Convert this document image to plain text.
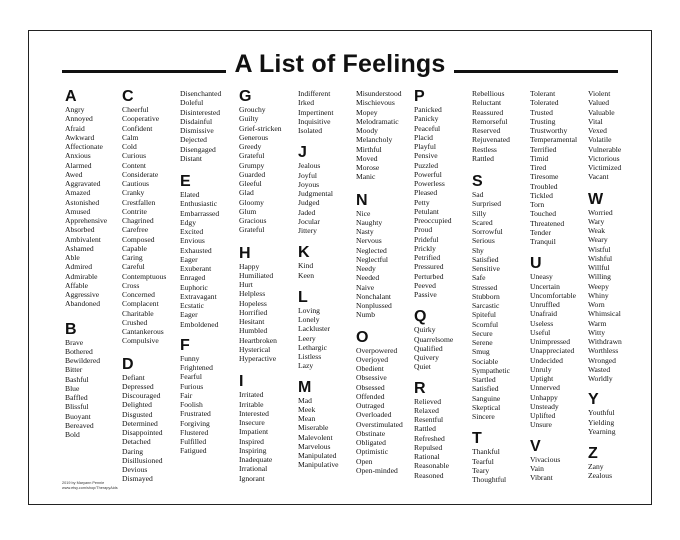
A List of Feelings
A
Angry
Annoyed
Afraid
Awkward
Affectionate
Anxious
Alarmed
Awed
Aggravated
Amazed
Astonished
Amused
Apprehensive
Absorbed
Ambivalent
Ashamed
Able
Admired
Admirable
Affable
Aggressive
Abandoned
B
Brave
Bothered
Bewildered
Bitter
Bashful
Blue
Baffled
Blissful
Buoyant
Bereaved
Bold
C
Cheerful
Cooperative
Confident
Calm
Cold
Curious
Content
Considerate
Cautious
Cranky
Crestfallen
Contrite
Chagrined
Carefree
Composed
Capable
Caring
Careful
Contemptuous
Cross
Concerned
Complacent
Charitable
Crushed
Cantankerous
Compulsive
D
Defiant
Depressed
Discouraged
Delighted
Disgusted
Determined
Disappointed
Detached
Daring
Disillusioned
Devious
Dismayed
Disenchanted
Doleful
Disinterested
Disdainful
Dismissive
Dejected
Disengaged
Distant
E
Elated
Enthusiastic
Embarrassed
Edgy
Excited
Envious
Exhausted
Eager
Exuberant
Enraged
Euphoric
Extravagant
Ecstatic
Eager
Emboldened
F
Funny
Frightened
Fearful
Furious
Fair
Foolish
Frustrated
Forgiving
Flustered
Fulfilled
Fatigued
G
Grouchy
Guilty
Grief-stricken
Generous
Greedy
Grateful
Grumpy
Guarded
Gleeful
Glad
Gloomy
Glum
Gracious
Grateful
H
Happy
Humiliated
Hurt
Helpless
Hopeless
Horrified
Hesitant
Humbled
Heartbroken
Hysterical
Hyperactive
I
Irritated
Irritable
Interested
Insecure
Impatient
Inspired
Inspiring
Inadequate
Irrational
Ignorant
Indifferent
Irked
Impertinent
Inquisitive
Isolated
J
Jealous
Joyful
Joyous
Judgmental
Judged
Jaded
Jocular
Jittery
K
Kind
Keen
L
Loving
Lonely
Lackluster
Leery
Lethargic
Listless
Lazy
M
Mad
Meek
Mean
Miserable
Malevolent
Marvelous
Manipulated
Manipulative
Misunderstood
Mischievous
Mopey
Melodramatic
Moody
Melancholy
Mirthful
Moved
Morose
Manic
N
Nice
Naughty
Nasty
Nervous
Neglected
Neglectful
Needy
Needed
Naive
Nonchalant
Nonplussed
Numb
O
Overpowered
Overjoyed
Obedient
Obsessive
Obsessed
Offended
Outraged
Overloaded
Overstimulated
Obstinate
Obligated
Optimistic
Open
Open-minded
P
Panicked
Panicky
Peaceful
Placid
Playful
Pensive
Puzzled
Powerful
Powerless
Pleased
Petty
Petulant
Preoccupied
Proud
Prideful
Prickly
Petrified
Pressured
Perturbed
Peeved
Passive
Q
Quirky
Quarrelsome
Qualified
Quivery
Quiet
R
Relieved
Relaxed
Resentful
Rattled
Refreshed
Repulsed
Rational
Reasonable
Reasoned
Rebellious
Reluctant
Reassured
Remorseful
Reserved
Rejuvenated
Restless
Rattled
S
Sad
Surprised
Silly
Scared
Sorrowful
Serious
Shy
Satisfied
Sensitive
Safe
Stressed
Stubborn
Sarcastic
Spiteful
Scornful
Secure
Serene
Smug
Sociable
Sympathetic
Startled
Satisfied
Sanguine
Skeptical
Sincere
T
Thankful
Tearful
Teary
Thoughtful
Tolerant
Tolerated
Trusted
Trusting
Trustworthy
Temperamental
Terrified
Timid
Tired
Tiresome
Troubled
Tickled
Torn
Touched
Threatened
Tender
Tranquil
U
Uneasy
Uncertain
Uncomfortable
Unruffled
Unafraid
Useless
Useful
Unimpressed
Unappreciated
Undecided
Unruly
Uptight
Unnerved
Unhappy
Unsteady
Uplifted
Unsure
V
Vivacious
Vain
Vibrant
Violent
Valued
Valuable
Vital
Vexed
Volatile
Vulnerable
Victorious
Victimized
Vacant
W
Worried
Wary
Weak
Weary
Wistful
Wishful
Willful
Willing
Weepy
Whiny
Worn
Whimsical
Warm
Witty
Withdrawn
Worthless
Wronged
Wasted
Worldly
Y
Youthful
Yielding
Yearning
Z
Zany
Zealous
2019 by Maryann Pennie
www.etsy.com/shop/TherapyAids
